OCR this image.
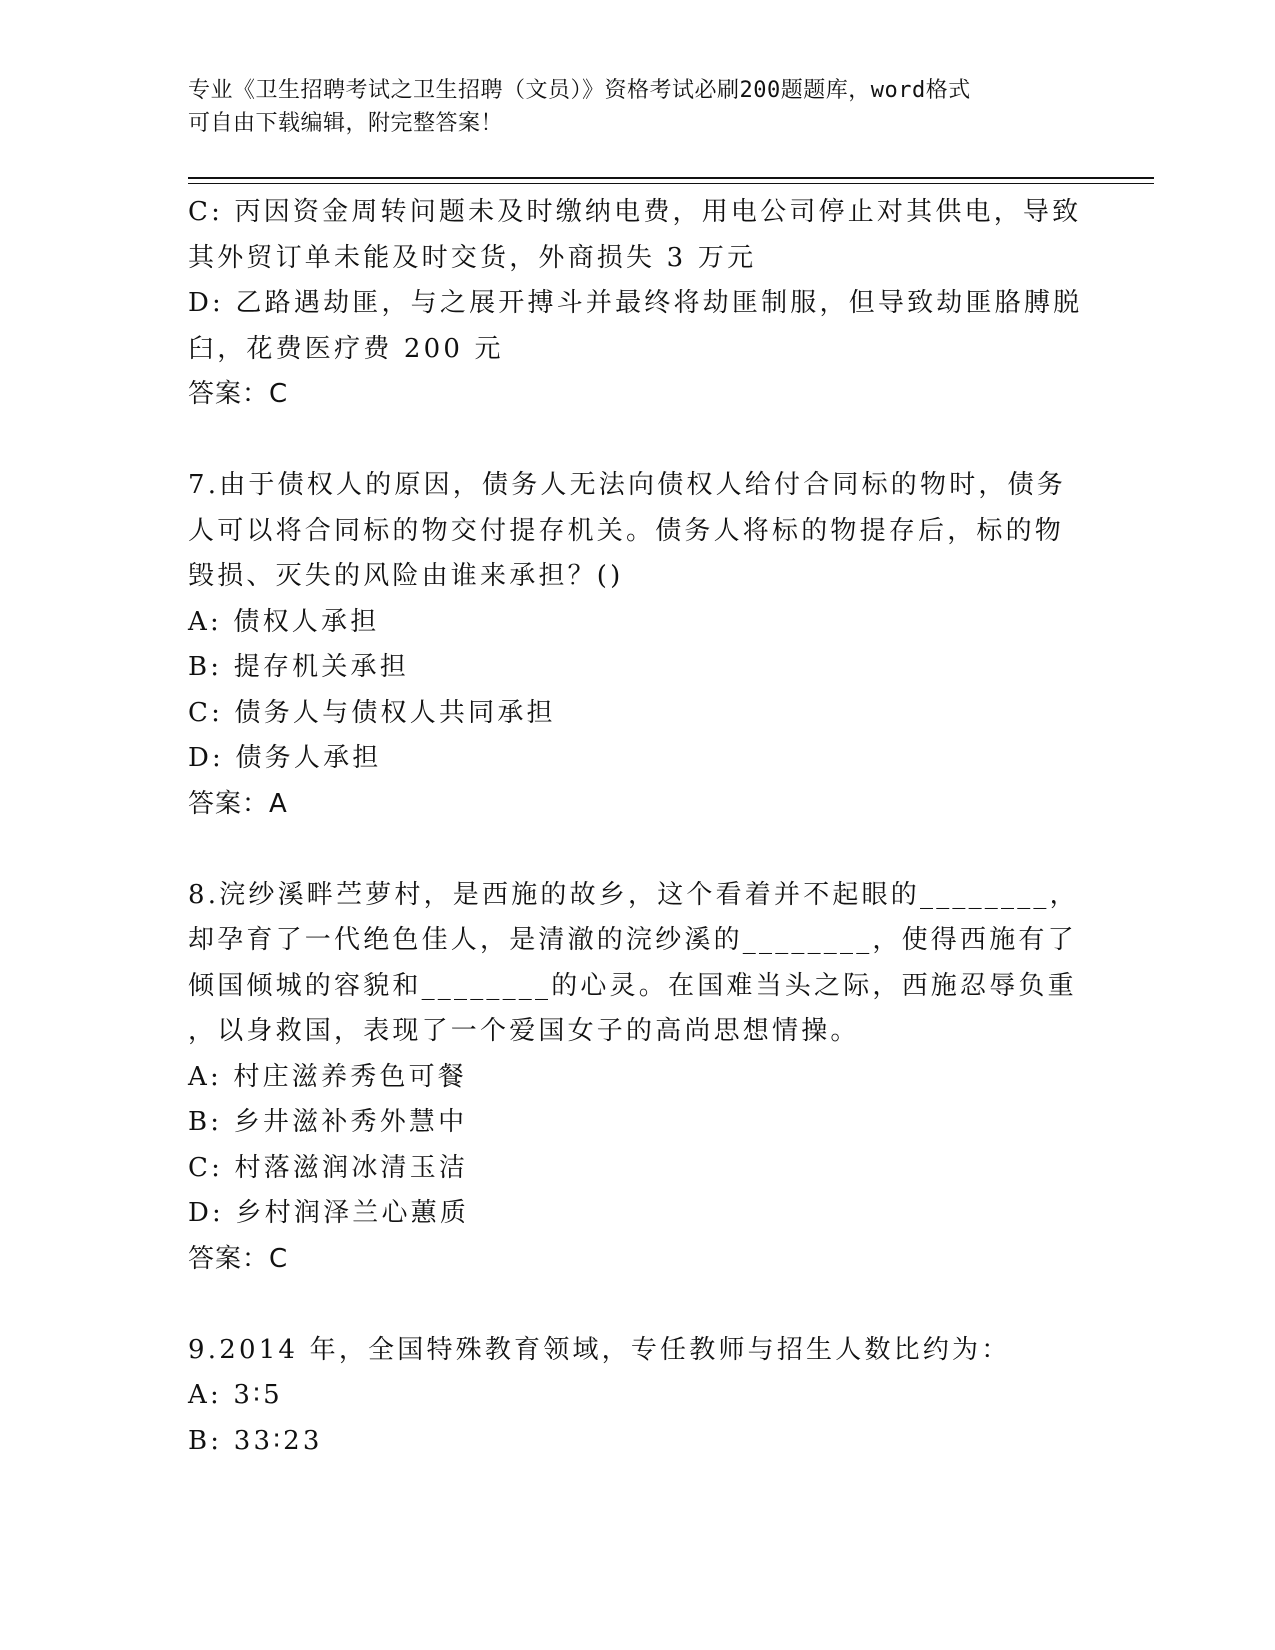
专业《卫生招聘考试之卫生招聘（文员）》资格考试必刷200题题库，word格式
可自由下载编辑，附完整答案！
C: 丙因资金周转问题未及时缴纳电费，用电公司停止对其供电，导致
其外贸订单未能及时交货，外商损失 3 万元
D: 乙路遇劫匪，与之展开搏斗并最终将劫匪制服，但导致劫匪胳膊脱
臼，花费医疗费 200 元
答案：C
7.由于债权人的原因，债务人无法向债权人给付合同标的物时，债务
人可以将合同标的物交付提存机关。债务人将标的物提存后，标的物
毁损、灭失的风险由谁来承担？()
A: 债权人承担
B: 提存机关承担
C: 债务人与债权人共同承担
D: 债务人承担
答案：A
8.浣纱溪畔苎萝村，是西施的故乡，这个看着并不起眼的________，
却孕育了一代绝色佳人，是清澈的浣纱溪的________，使得西施有了
倾国倾城的容貌和________的心灵。在国难当头之际，西施忍辱负重
，以身救国，表现了一个爱国女子的高尚思想情操。
A: 村庄滋养秀色可餐
B: 乡井滋补秀外慧中
C: 村落滋润冰清玉洁
D: 乡村润泽兰心蕙质
答案：C
9.2014 年，全国特殊教育领域，专任教师与招生人数比约为：
A: 3∶5
B: 33∶23
